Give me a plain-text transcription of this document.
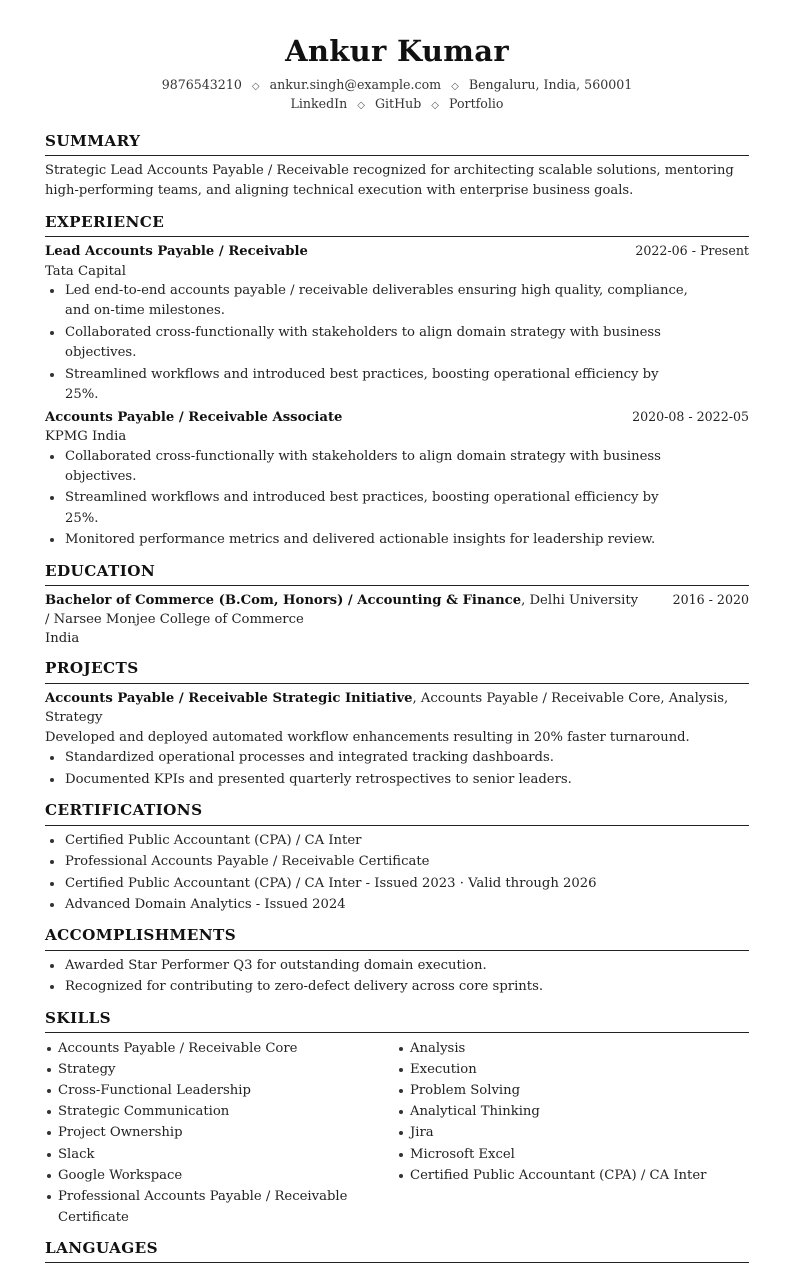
Ankur Kumar
9876543210 ◇ ankur.singh@example.com ◇ Bengaluru, India, 560001
LinkedIn ◇ GitHub ◇ Portfolio
SUMMARY
Strategic Lead Accounts Payable / Receivable recognized for architecting scalable solutions, mentoring high-performing teams, and aligning technical execution with enterprise business goals.
EXPERIENCE
Lead Accounts Payable / Receivable	2022-06 - Present
Tata Capital
Led end-to-end accounts payable / receivable deliverables ensuring high quality, compliance, and on-time milestones.
Collaborated cross-functionally with stakeholders to align domain strategy with business objectives.
Streamlined workflows and introduced best practices, boosting operational efficiency by 25%.
Accounts Payable / Receivable Associate	2020-08 - 2022-05
KPMG India
Collaborated cross-functionally with stakeholders to align domain strategy with business objectives.
Streamlined workflows and introduced best practices, boosting operational efficiency by 25%.
Monitored performance metrics and delivered actionable insights for leadership review.
EDUCATION
Bachelor of Commerce (B.Com, Honors) / Accounting & Finance, Delhi University / Narsee Monjee College of Commerce
India
2016 - 2020
PROJECTS
Accounts Payable / Receivable Strategic Initiative, Accounts Payable / Receivable Core, Analysis, Strategy
Developed and deployed automated workflow enhancements resulting in 20% faster turnaround.
Standardized operational processes and integrated tracking dashboards.
Documented KPIs and presented quarterly retrospectives to senior leaders.
CERTIFICATIONS
Certified Public Accountant (CPA) / CA Inter
Professional Accounts Payable / Receivable Certificate
Certified Public Accountant (CPA) / CA Inter - Issued 2023 · Valid through 2026
Advanced Domain Analytics - Issued 2024
ACCOMPLISHMENTS
Awarded Star Performer Q3 for outstanding domain execution.
Recognized for contributing to zero-defect delivery across core sprints.
SKILLS
Accounts Payable / Receivable Core
Strategy
Cross-Functional Leadership
Strategic Communication
Project Ownership
Slack
Google Workspace
Professional Accounts Payable / Receivable Certificate
Analysis
Execution
Problem Solving
Analytical Thinking
Jira
Microsoft Excel
Certified Public Accountant (CPA) / CA Inter
LANGUAGES
